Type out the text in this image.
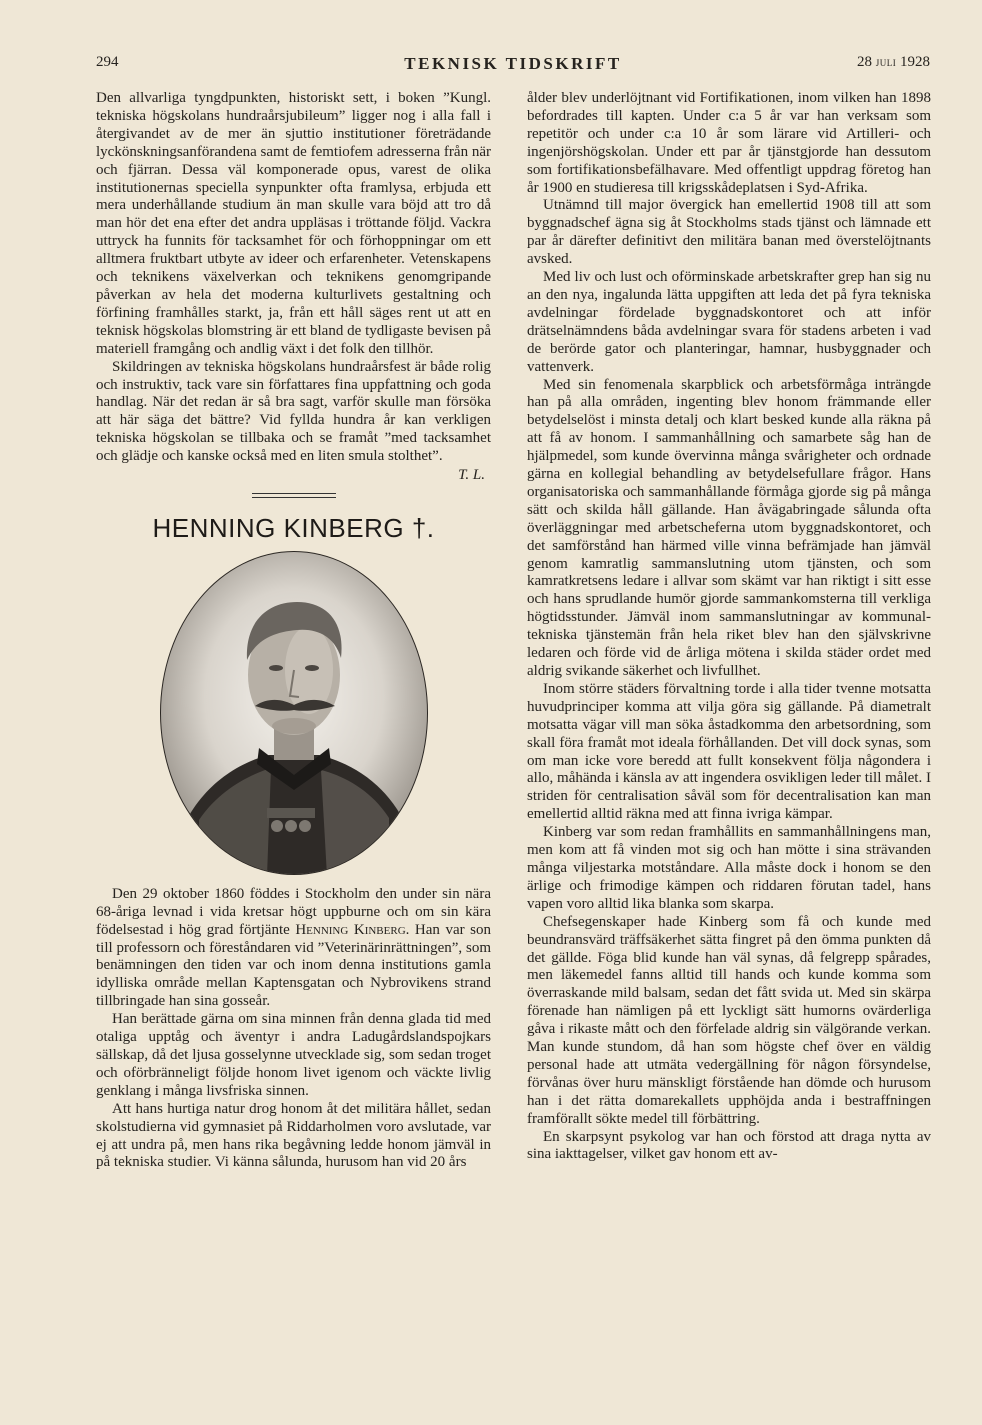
294	TEKNISK TIDSKRIFT	28 juli 1928

Den allvarliga tyngdpunkten, historiskt sett, i boken ”Kungl. tekniska högskolans hundraårsjubileum” ligger nog i alla fall i återgivandet av de mer än sjuttio institutioner företrädande lyckönskningsanförandena samt de femtiofem adresserna från när och fjärran. Dessa väl komponerade opus, varest de olika institutionernas speciella synpunkter ofta framlysa, erbjuda ett mera underhållande studium än man skulle vara böjd att tro då man hör det ena efter det andra uppläsas i tröttande följd. Vackra uttryck ha funnits för tacksamhet för och förhoppningar om ett alltmera fruktbart utbyte av ideer och erfarenheter. Vetenskapens och teknikens växelverkan och teknikens genomgripande påverkan av hela det moderna kulturlivets gestaltning och förfining framhålles starkt, ja, från ett håll säges rent ut att en teknisk högskolas blomstring är ett bland de tydligaste bevisen på materiell framgång och andlig växt i det folk den tillhör.

Skildringen av tekniska högskolans hundraårsfest är både rolig och instruktiv, tack vare sin författares fina uppfattning och goda handlag. När det redan är så bra sagt, varför skulle man försöka att här säga det bättre? Vid fyllda hundra år kan verkligen tekniska högskolan se tillbaka och se framåt ”med tacksamhet och glädje och kanske också med en liten smula stolthet”.

T. L.
HENNING KINBERG †.

Den 29 oktober 1860 föddes i Stockholm den under sin nära 68-åriga levnad i vida kretsar högt uppburne och om sin kära födelsestad i hög grad förtjänte Henning Kinberg. Han var son till professorn och föreståndaren vid ”Veterinärinrättningen”, som benämningen den tiden var och inom denna institutions gamla idylliska område mellan Kaptensgatan och Nybrovikens strand tillbringade han sina gosseår.

Han berättade gärna om sina minnen från denna glada tid med otaliga upptåg och äventyr i andra Ladugårdslandspojkars sällskap, då det ljusa gosselynne utvecklade sig, som sedan troget och oförbränneligt följde honom livet igenom och väckte livlig genklang i många livsfriska sinnen.

Att hans hurtiga natur drog honom åt det militära hållet, sedan skolstudierna vid gymnasiet på Riddarholmen voro avslutade, var ej att undra på, men hans rika begåvning ledde honom jämväl in på tekniska studier. Vi känna sålunda, hurusom han vid 20 års

ålder blev underlöjtnant vid Fortifikationen, inom vilken han 1898 befordrades till kapten. Under c:a 5 år var han verksam som repetitör och under c:a 10 år som lärare vid Artilleri- och ingenjörshögskolan. Under ett par år tjänstgjorde han dessutom som fortifikationsbefälhavare. Med offentligt uppdrag företog han år 1900 en studieresa till krigsskådeplatsen i Syd-Afrika.

Utnämnd till major övergick han emellertid 1908 till att som byggnadschef ägna sig åt Stockholms stads tjänst och lämnade ett par år därefter definitivt den militära banan med överstelöjtnants avsked.

Med liv och lust och oförminskade arbetskrafter grep han sig nu an den nya, ingalunda lätta uppgiften att leda det på fyra tekniska avdelningar fördelade byggnadskontoret och att inför drätselnämndens båda avdelningar svara för stadens arbeten i vad de berörde gator och planteringar, hamnar, husbyggnader och vattenverk.

Med sin fenomenala skarpblick och arbetsförmåga inträngde han på alla områden, ingenting blev honom främmande eller betydelselöst i minsta detalj och klart besked kunde alla räkna på att få av honom. I sammanhållning och samarbete såg han de hjälpmedel, som kunde övervinna många svårigheter och ordnade gärna en kollegial behandling av betydelsefullare frågor. Hans organisatoriska och sammanhållande förmåga gjorde sig på många sätt och skilda håll gällande. Han åvägabringade sålunda ofta överläggningar med arbetscheferna utom byggnadskontoret, och det samförstånd han härmed ville vinna befrämjade han jämväl genom kamratlig sammanslutning utom tjänsten, och som kamratkretsens ledare i allvar som skämt var han riktigt i sitt esse och hans sprudlande humör gjorde sammankomsterna till verkliga högtidsstunder. Jämväl inom sammanslutningar av kommunal-tekniska tjänstemän från hela riket blev han den självskrivne ledaren och förde vid de årliga mötena i skilda städer ordet med aldrig svikande säkerhet och livfullhet.

Inom större städers förvaltning torde i alla tider tvenne motsatta huvudprinciper komma att vilja göra sig gällande. På diametralt motsatta vägar vill man söka åstadkomma den arbetsordning, som skall föra framåt mot ideala förhållanden. Det vill dock synas, som om man icke vore beredd att fullt konsekvent följa någondera i allo, måhända i känsla av att ingendera osvikligen leder till målet. I striden för centralisation såväl som för decentralisation kan man emellertid alltid räkna med att finna ivriga kämpar.

Kinberg var som redan framhållits en sammanhållningens man, men kom att få vinden mot sig och han mötte i sina strävanden många viljestarka motståndare. Alla måste dock i honom se den ärlige och frimodige kämpen och riddaren förutan tadel, hans vapen voro alltid lika blanka som skarpa.

Chefsegenskaper hade Kinberg som få och kunde med beundransvärd träffsäkerhet sätta fingret på den ömma punkten då det gällde. Föga blid kunde han väl synas, då felgrepp spårades, men läkemedel fanns alltid till hands och kunde komma som överraskande mild balsam, sedan det fått svida ut. Med sin skärpa förenade han nämligen på ett lyckligt sätt humorns ovärderliga gåva i rikaste mått och den förfelade aldrig sin välgörande verkan. Man kunde stundom, då han som högste chef över en väldig personal hade att utmäta vedergällning för någon försyndelse, förvånas över huru mänskligt förstående han dömde och hurusom han i det rätta domarekallets upphöjda anda i bestraffningen framförallt sökte medel till förbättring.

En skarpsynt psykolog var han och förstod att draga nytta av sina iakttagelser, vilket gav honom ett av-
